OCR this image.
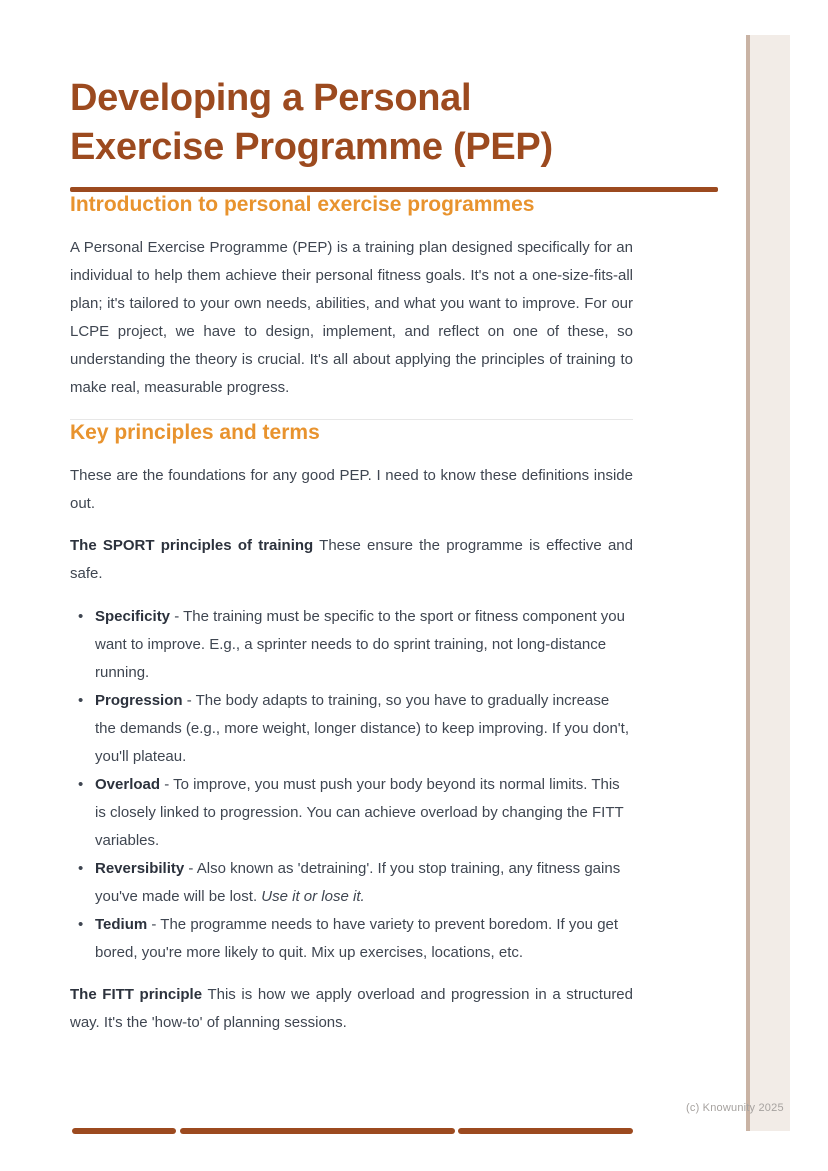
Developing a Personal
Exercise Programme (PEP)
Introduction to personal exercise programmes

A Personal Exercise Programme (PEP) is a training plan designed specifically for an individual to help them achieve their personal fitness goals. It's not a one-size-fits-all plan; it's tailored to your own needs, abilities, and what you want to improve. For our LCPE project, we have to design, implement, and reflect on one of these, so understanding the theory is crucial. It's all about applying the principles of training to make real, measurable progress.

Key principles and terms

These are the foundations for any good PEP. I need to know these definitions inside out.

The SPORT principles of training These ensure the programme is effective and safe.

• Specificity - The training must be specific to the sport or fitness component you want to improve. E.g., a sprinter needs to do sprint training, not long-distance running.
• Progression - The body adapts to training, so you have to gradually increase the demands (e.g., more weight, longer distance) to keep improving. If you don't, you'll plateau.
• Overload - To improve, you must push your body beyond its normal limits. This is closely linked to progression. You can achieve overload by changing the FITT variables.
• Reversibility - Also known as 'detraining'. If you stop training, any fitness gains you've made will be lost. Use it or lose it.
• Tedium - The programme needs to have variety to prevent boredom. If you get bored, you're more likely to quit. Mix up exercises, locations, etc.

The FITT principle This is how we apply overload and progression in a structured way. It's the 'how-to' of planning sessions.

(c) Knowunity 2025
